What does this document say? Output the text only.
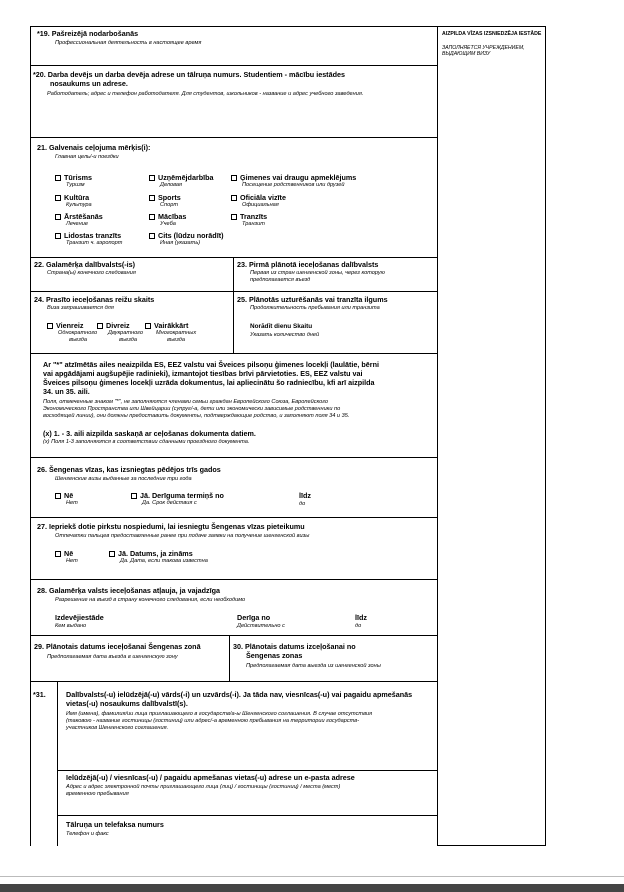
AIZPILDA VĪZAS IZSNIEDZĒJA IESTĀDE
ЗАПОЛНЯЕТСЯ УЧРЕЖДЕНИЕМ, ВЫДАЮЩИМ ВИЗУ
*19. Pašreizējā nodarbošanās
Профессиональная деятельность в настоящее время
*20. Darba devējs un darba devēja adrese un tālruņa numurs. Studentiem - mācību iestādes
nosaukums un adrese.
Работодатель; адрес и телефон работодателя. Для студентов, школьников - название и адрес учебного заведения.
21. Galvenais ceļojuma mērķis(i):
Главная цель/-и поездки
Tūrisms
Туризм
Uzņēmējdarbība
Деловая
Ģimenes vai draugu apmeklējums
Посещение родственников или друзей
Kultūra
Культура
Sports
Спорт
Oficiāla vizīte
Официальная
Ārstēšanās
Лечение
Mācības
Учеба
Tranzīts
Транзит
Lidostas tranzīts
Транзит ч. аэропорт
Cits (lūdzu norādīt)
Иная (указать)
22. Galamērķa dalībvalsts(-is)
Страна(ы) конечного следования
23. Pirmā plānotā ieceļošanas dalībvalsts
Первая из стран шенгенской зоны, через которую
предполагается въезд
24. Prasīto ieceļošanas reižu skaits
Виза запрашивается для
Vienreiz
Однократного
въезда
Divreiz
Двукратного
въезда
Vairākkārt
Многократных
въезда
25. Plānotās uzturēšanās vai tranzīta ilgums
Продолжительность пребывания или транзита
Norādīt dienu Skaitu
Указать количество дней
Ar "*" atzīmētās ailes neaizpilda ES, EEZ valstu vai Šveices pilsoņu ģimenes locekļi (laulātie, bērni
vai apgādājami augšupējie radinieki), izmantojot tiesības brīvi pārvietoties. ES, EEZ valstu vai
Šveices pilsoņu ģimenes locekļi uzrāda dokumentus, lai apliecinātu šo radniecību, kfi arī aizpilda
34. un 35. aili.
Поля, отмеченные знаком "*", не заполняются членами семьи граждан Европейского Союза, Европейского
Экономического Пространства или Швейцарии (супруг/-а, дети или экономически зависимые родственники по
восходящей линии), они должны предоставить документы, подтверждающие родство, и заполняют поля 34 и 35.
(x) 1. - 3. aili aizpilda saskaņā ar ceļošanas dokumenta datiem.
(x) Поля 1-3 заполняются в соответствии сданными проездного документа.
26. Šengenas vīzas, kas izsniegtas pēdējos trīs gados
Шенгенские визы выданные за последние три года
Nē
Нет
Jā. Derīguma termiņš no
Да. Срок действия с
līdz
до
27. Iepriekš dotie pirkstu nospiedumi, lai iesniegtu Šengenas vīzas pieteikumu
Отпечатки пальцев предоставленные ранее при подаче заявки на получение шенгенской визы
Nē
Нет
Jā. Datums, ja zināms
Да. Дата, если такова известна
28. Galamērķa valsts ieceļošanas atļauja, ja vajadzīga
Разрешение на въезд в страну конечного следования, если необходимо
Izdevējiestāde
Кем выдано
Derīga no
Действительно с
līdz
до
29. Plānotais datums ieceļošanai Šengenas zonā
Предполагаемая дата въезда в шенгенскую зону
30. Plānotais datums izceļošanai no
Šengenas zonas
Предполагаемая дата выезда из шенгенской зоны
*31.	Dalībvalsts(-u) ielūdzējā(-u) vārds(-i) un uzvārds(-i). Ja tāda nav, viesnīcas(-u) vai pagaidu apmešanās
vietas(-u) nosaukums dalībvalstī(s).
Имя (имена), фамилия/ии лица приглашающего в государств/а-ы Шенгенского соглашения. В случае отсутствия
(таковою - название гостиницы (гостиниц) или адрес/-а временною пребывания на территории государств-
участников Шенгенского соглашения.
Ielūdzējā(-u) / viesnīcas(-u) / pagaidu apmešanas vietas(-u) adrese un e-pasta adrese
Адрес и адрес электронной почты приглашающего лица (лиц) / гостиницы (гостиниц) / места (мест)
временною пребывания
Tālruņa un telefaksa numurs
Телефон и факс
